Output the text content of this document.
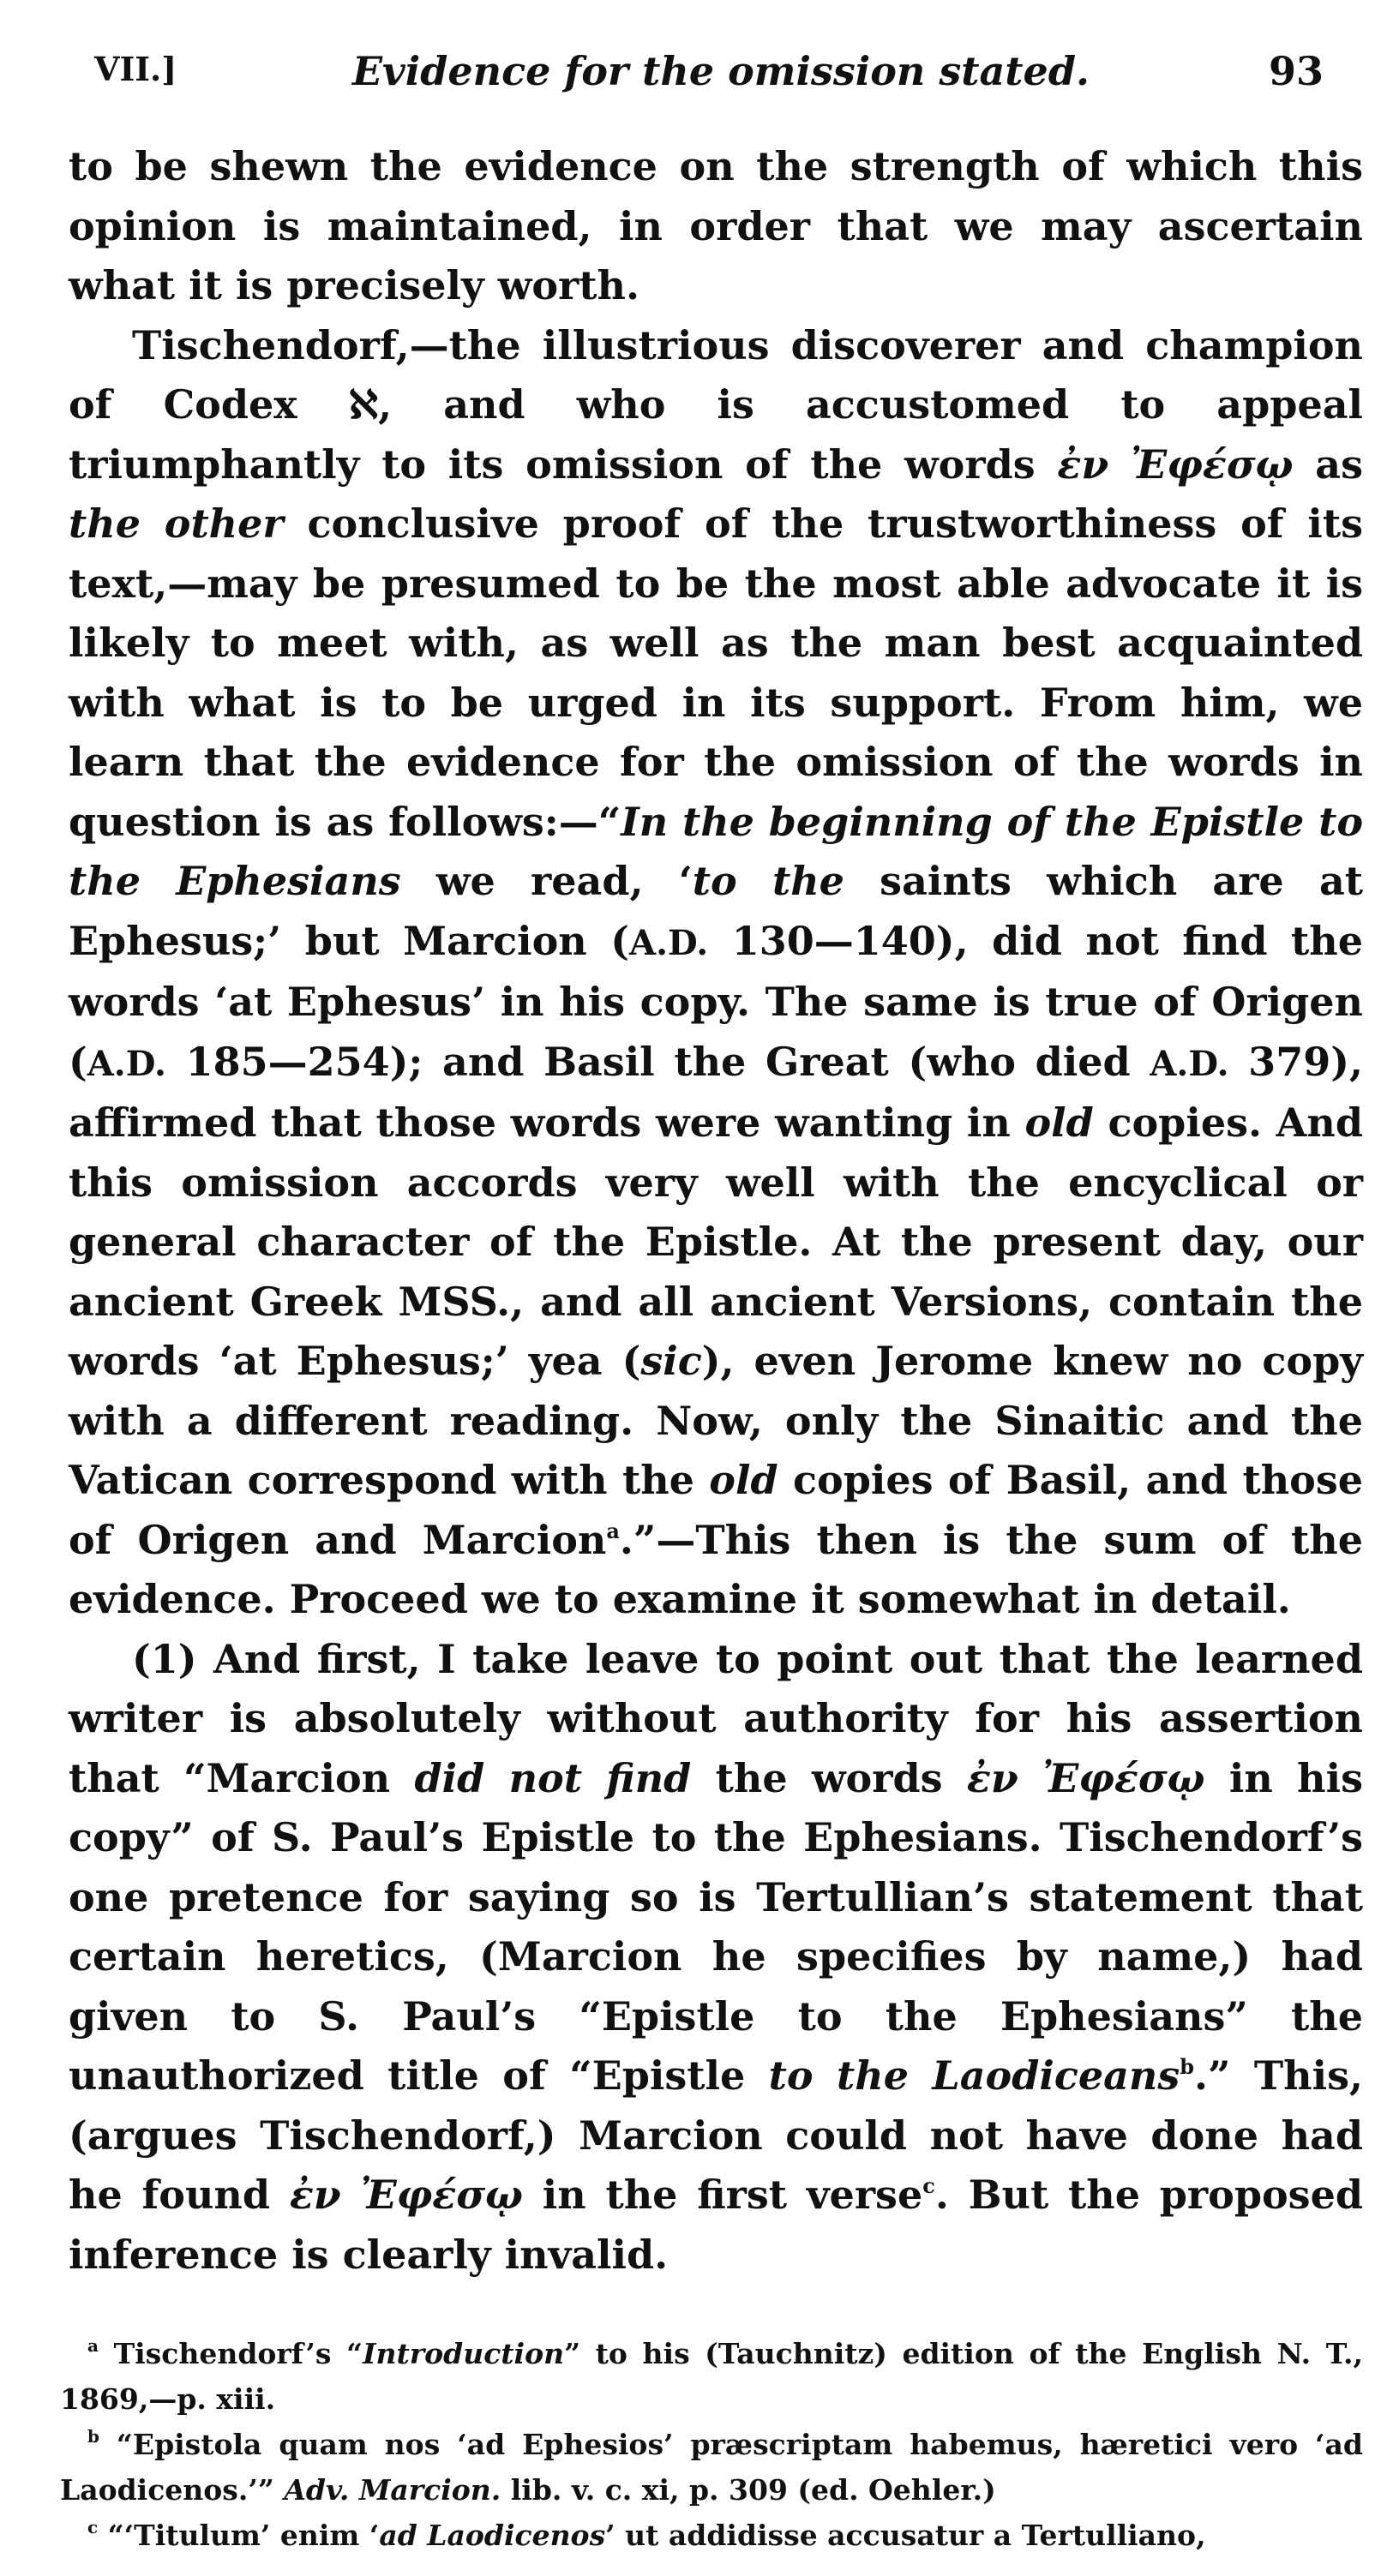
VII.]	Evidence for the omission stated.	93

to be shewn the evidence on the strength of which this opinion is maintained, in order that we may ascertain what it is precisely worth.

Tischendorf,—the illustrious discoverer and champion of Codex ℵ, and who is accustomed to appeal triumphantly to its omission of the words ἐν Ἐφέσῳ as the other conclusive proof of the trustworthiness of its text,—may be presumed to be the most able advocate it is likely to meet with, as well as the man best acquainted with what is to be urged in its support. From him, we learn that the evidence for the omission of the words in question is as follows:—“In the beginning of the Epistle to the Ephesians we read, ‘to the saints which are at Ephesus;’ but Marcion (A.D. 130—140), did not find the words ‘at Ephesus’ in his copy. The same is true of Origen (A.D. 185—254); and Basil the Great (who died A.D. 379), affirmed that those words were wanting in old copies. And this omission accords very well with the encyclical or general character of the Epistle. At the present day, our ancient Greek MSS., and all ancient Versions, contain the words ‘at Ephesus;’ yea (sic), even Jerome knew no copy with a different reading. Now, only the Sinaitic and the Vatican correspond with the old copies of Basil, and those of Origen and Marcion$^a$.”—This then is the sum of the evidence. Proceed we to examine it somewhat in detail.

(1) And first, I take leave to point out that the learned writer is absolutely without authority for his assertion that “Marcion did not find the words ἐν Ἐφέσῳ in his copy” of S. Paul’s Epistle to the Ephesians. Tischendorf’s one pretence for saying so is Tertullian’s statement that certain heretics, (Marcion he specifies by name,) had given to S. Paul’s “Epistle to the Ephesians” the unauthorized title of “Epistle to the Laodiceans$^b$.” This, (argues Tischendorf,) Marcion could not have done had he found ἐν Ἐφέσῳ in the first verse$^c$. But the proposed inference is clearly invalid.

$^a$ Tischendorf’s “Introduction” to his (Tauchnitz) edition of the English N. T., 1869,—p. xiii.

$^b$ “Epistola quam nos ‘ad Ephesios’ præscriptam habemus, hæretici vero ‘ad Laodicenos.’” Adv. Marcion. lib. v. c. xi, p. 309 (ed. Oehler.)

$^c$ “‘Titulum’ enim ‘ad Laodicenos’ ut addidisse accusatur a Tertulliano,
